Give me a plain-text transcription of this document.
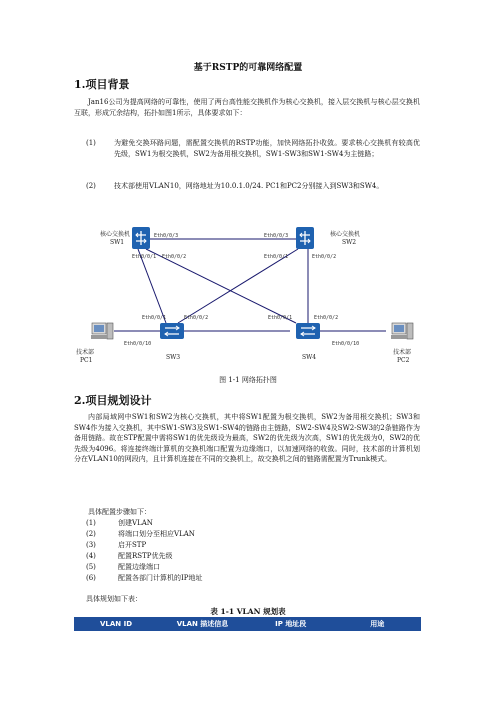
基于RSTP的可靠网络配置
1.项目背景
Jan16公司为提高网络的可靠性，使用了两台高性能交换机作为核心交换机，接入层交换机与核心层交换机互联，形成冗余结构，拓扑如图1所示，具体要求如下：
(1)	为避免交换环路问题，需配置交换机的RSTP功能，加快网络拓扑收敛。要求核心交换机有较高优先级，SW1为根交换机，SW2为备用根交换机，SW1-SW3和SW1-SW4为主链路；
(2)	技术部使用VLAN10，网络地址为10.0.1.0/24. PC1和PC2分别接入到SW3和SW4。
核心交换机
SW1
核心交换机
SW2
SW3	SW4
技术部
PC1
技术部
PC2
Eth0/0/3	Eth0/0/3
Eth0/0/1 Eth0/0/2	Eth0/0/1	Eth0/0/2
Eth0/0/1	Eth0/0/2	Eth0/0/1	Eth0/0/2
Eth0/0/10	Eth0/0/10
图 1-1 网络拓扑图
2.项目规划设计
内部局域网中SW1和SW2为核心交换机，其中将SW1配置为根交换机，SW2为备用根交换机；SW3和SW4作为接入交换机，其中SW1-SW3及SW1-SW4的链路由主链路，SW2-SW4及SW2-SW3的2条链路作为备用链路。故在STP配置中需将SW1的优先级设为最高，SW2的优先级为次高，SW1的优先级为0，SW2的优先级为4096。将连接终端计算机的交换机端口配置为边缘端口，以加速网络的收敛。同时，技术部的计算机划分在VLAN10的网段内，且计算机连接在不同的交换机上，故交换机之间的链路需配置为Trunk模式。
具体配置步骤如下：
(1)	创建VLAN
(2)	将端口划分至相应VLAN
(3)	启开STP
(4)	配置RSTP优先级
(5)	配置边缘端口
(6)	配置各部门计算机的IP地址
具体规划如下表：
表 1-1 VLAN 规划表
VLAN ID	VLAN 描述信息	IP 地址段	用途
